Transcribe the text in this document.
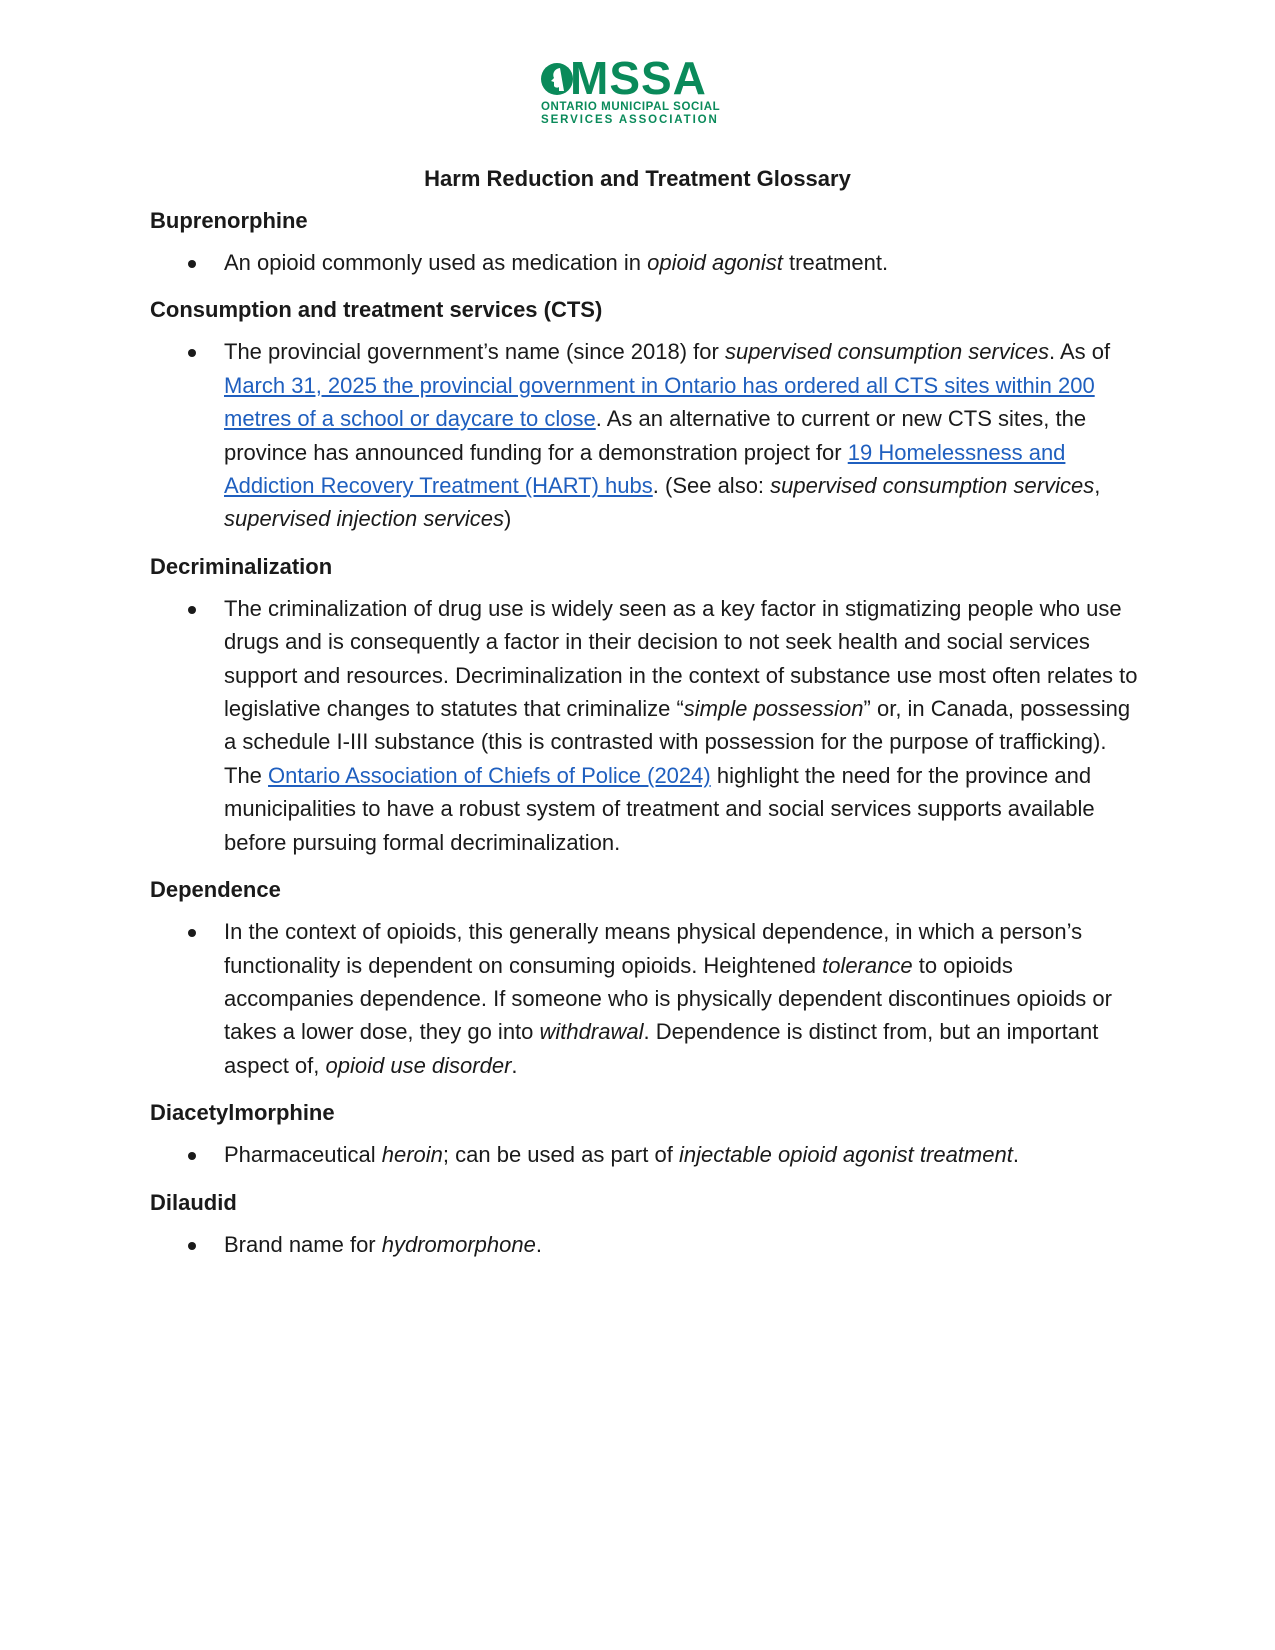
MSSA
ONTARIO MUNICIPAL SOCIAL
SERVICES ASSOCIATION
Harm Reduction and Treatment Glossary
Buprenorphine
An opioid commonly used as medication in opioid agonist treatment.
Consumption and treatment services (CTS)
The provincial government’s name (since 2018) for supervised consumption services. As of March 31, 2025 the provincial government in Ontario has ordered all CTS sites within 200 metres of a school or daycare to close. As an alternative to current or new CTS sites, the province has announced funding for a demonstration project for 19 Homelessness and Addiction Recovery Treatment (HART) hubs. (See also: supervised consumption services, supervised injection services)
Decriminalization
The criminalization of drug use is widely seen as a key factor in stigmatizing people who use drugs and is consequently a factor in their decision to not seek health and social services support and resources. Decriminalization in the context of substance use most often relates to legislative changes to statutes that criminalize “simple possession” or, in Canada, possessing a schedule I-III substance (this is contrasted with possession for the purpose of trafficking). The Ontario Association of Chiefs of Police (2024) highlight the need for the province and municipalities to have a robust system of treatment and social services supports available before pursuing formal decriminalization.
Dependence
In the context of opioids, this generally means physical dependence, in which a person’s functionality is dependent on consuming opioids. Heightened tolerance to opioids accompanies dependence. If someone who is physically dependent discontinues opioids or takes a lower dose, they go into withdrawal. Dependence is distinct from, but an important aspect of, opioid use disorder.
Diacetylmorphine
Pharmaceutical heroin; can be used as part of injectable opioid agonist treatment.
Dilaudid
Brand name for hydromorphone.
